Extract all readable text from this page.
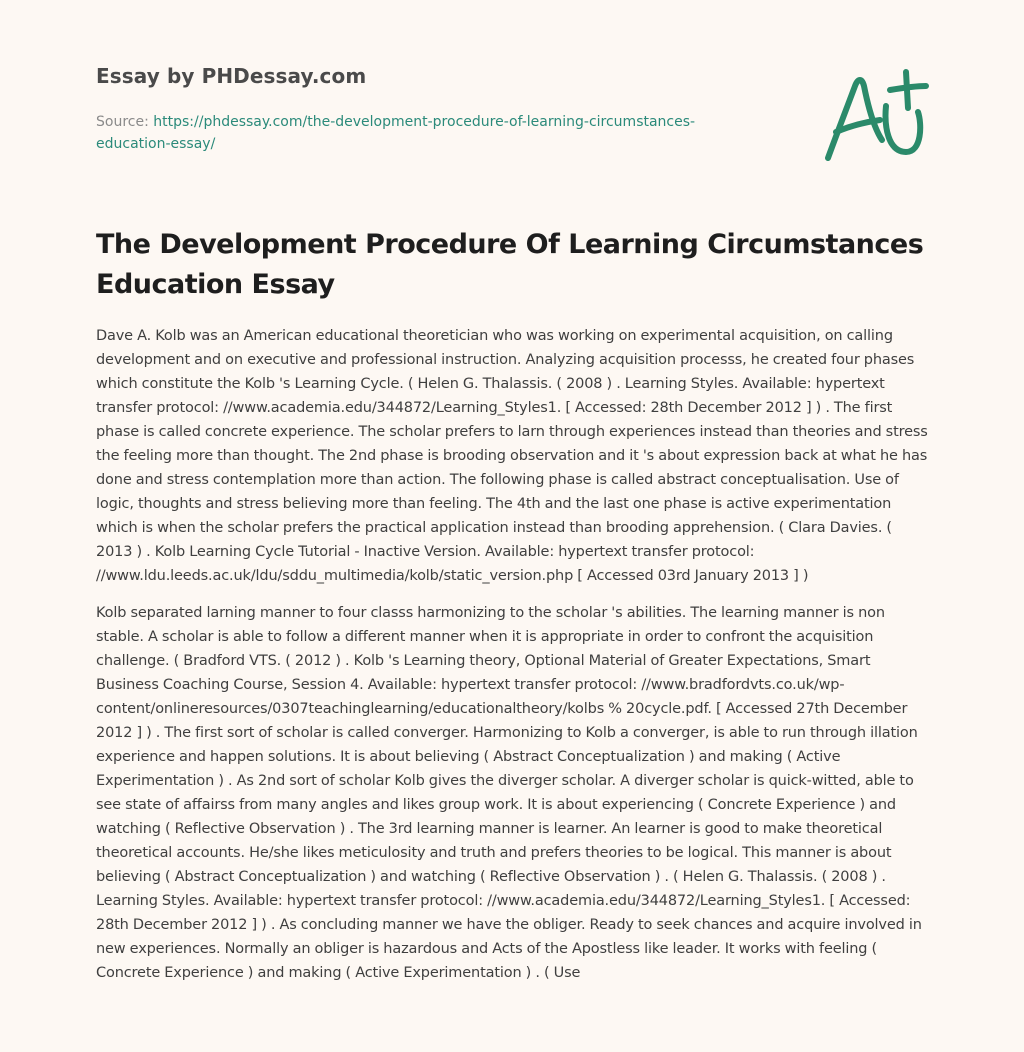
Essay by PHDessay.com
Source: https://phdessay.com/the-development-procedure-of-learning-circumstances-education-essay/
The Development Procedure Of Learning Circumstances Education Essay

Dave A. Kolb was an American educational theoretician who was working on experimental acquisition, on calling development and on executive and professional instruction. Analyzing acquisition processs, he created four phases which constitute the Kolb 's Learning Cycle. ( Helen G. Thalassis. ( 2008 ) . Learning Styles. Available: hypertext transfer protocol: //www.academia.edu/344872/Learning_Styles1. [ Accessed: 28th December 2012 ] ) . The first phase is called concrete experience. The scholar prefers to larn through experiences instead than theories and stress the feeling more than thought. The 2nd phase is brooding observation and it 's about expression back at what he has done and stress contemplation more than action. The following phase is called abstract conceptualisation. Use of logic, thoughts and stress believing more than feeling. The 4th and the last one phase is active experimentation which is when the scholar prefers the practical application instead than brooding apprehension. ( Clara Davies. ( 2013 ) . Kolb Learning Cycle Tutorial - Inactive Version. Available: hypertext transfer protocol: //www.ldu.leeds.ac.uk/ldu/sddu_multimedia/kolb/static_version.php [ Accessed 03rd January 2013 ] )

Kolb separated larning manner to four classs harmonizing to the scholar 's abilities. The learning manner is non stable. A scholar is able to follow a different manner when it is appropriate in order to confront the acquisition challenge. ( Bradford VTS. ( 2012 ) . Kolb 's Learning theory, Optional Material of Greater Expectations, Smart Business Coaching Course, Session 4. Available: hypertext transfer protocol: //www.bradfordvts.co.uk/wp-content/onlineresources/0307teachinglearning/educationaltheory/kolbs % 20cycle.pdf. [ Accessed 27th December 2012 ] ) . The first sort of scholar is called converger. Harmonizing to Kolb a converger, is able to run through illation experience and happen solutions. It is about believing ( Abstract Conceptualization ) and making ( Active Experimentation ) . As 2nd sort of scholar Kolb gives the diverger scholar. A diverger scholar is quick-witted, able to see state of affairss from many angles and likes group work. It is about experiencing ( Concrete Experience ) and watching ( Reflective Observation ) . The 3rd learning manner is learner. An learner is good to make theoretical theoretical accounts. He/she likes meticulosity and truth and prefers theories to be logical. This manner is about believing ( Abstract Conceptualization ) and watching ( Reflective Observation ) . ( Helen G. Thalassis. ( 2008 ) . Learning Styles. Available: hypertext transfer protocol: //www.academia.edu/344872/Learning_Styles1. [ Accessed: 28th December 2012 ] ) . As concluding manner we have the obliger. Ready to seek chances and acquire involved in new experiences. Normally an obliger is hazardous and Acts of the Apostless like leader. It works with feeling ( Concrete Experience ) and making ( Active Experimentation ) . ( Use
